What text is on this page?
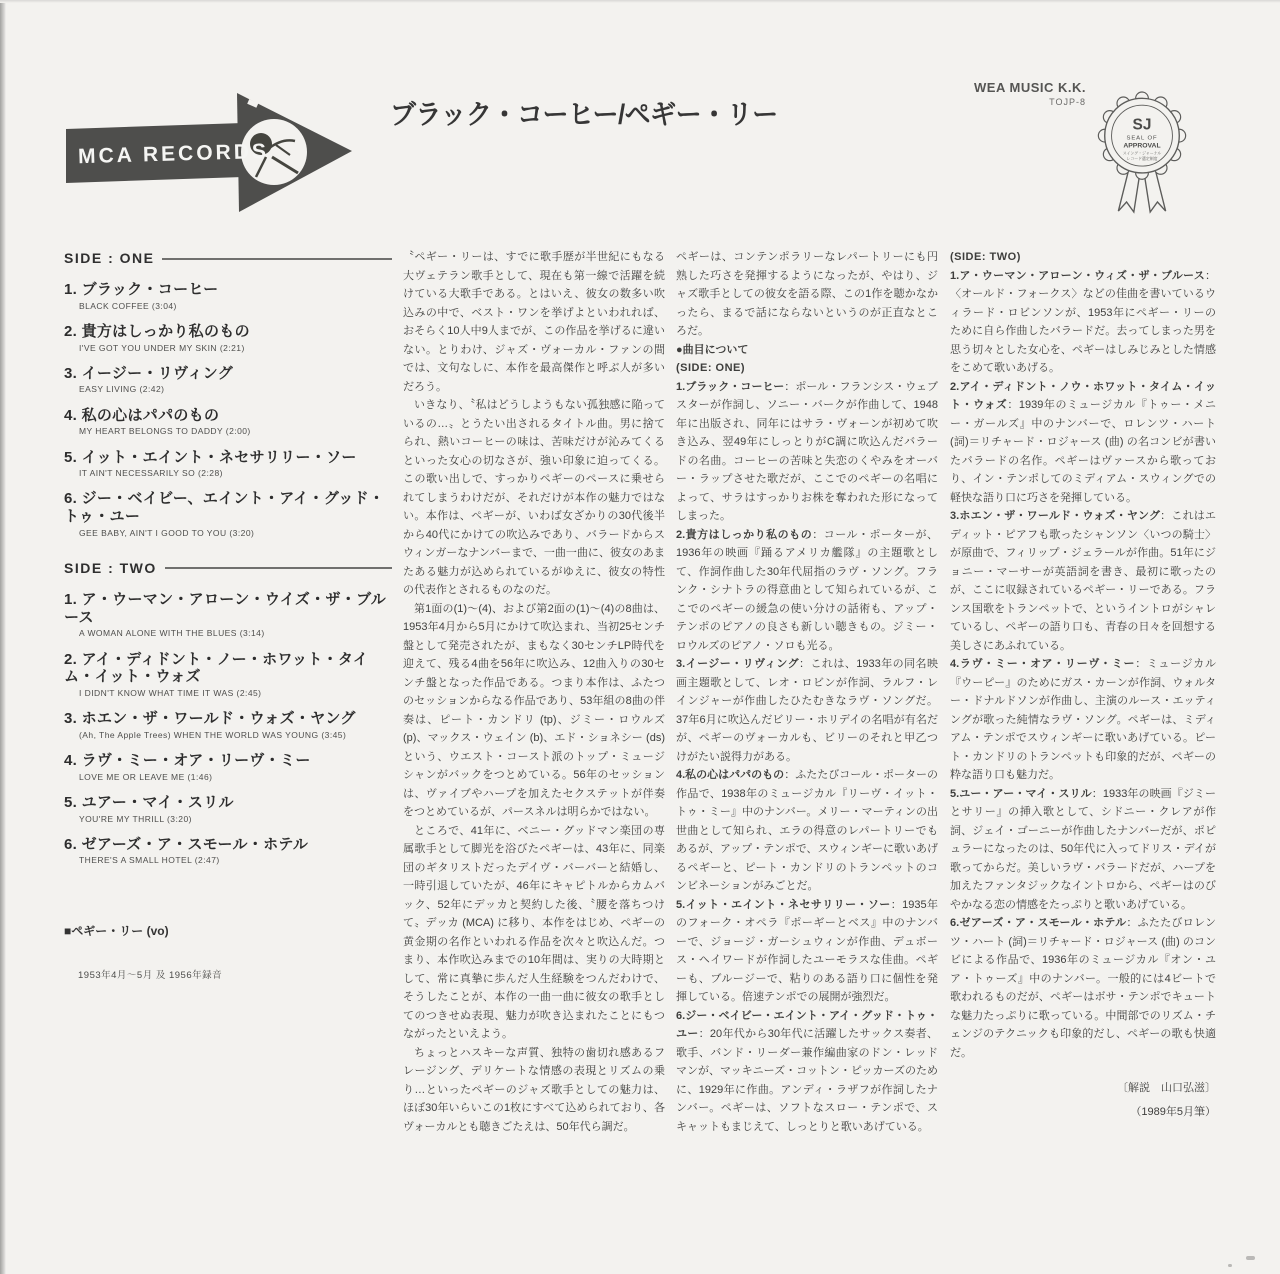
MCA RECORDS
ブラック・コーヒー/ペギー・リー
WEA MUSIC K.K.
TOJP-8
SJ
SEAL OF
APPROVAL
スイング・ジャーナル
レコード選定制度
SIDE : ONE
1. ブラック・コーヒー
BLACK COFFEE (3:04)
2. 貴方はしっかり私のもの
I'VE GOT YOU UNDER MY SKIN (2:21)
3. イージー・リヴィング
EASY LIVING (2:42)
4. 私の心はパパのもの
MY HEART BELONGS TO DADDY (2:00)
5. イット・エイント・ネセサリリー・ソー
IT AIN'T NECESSARILY SO (2:28)
6. ジー・ベイビー、エイント・アイ・グッド・トゥ・ユー
GEE BABY, AIN'T I GOOD TO YOU (3:20)
SIDE : TWO
1. ア・ウーマン・アローン・ウイズ・ザ・ブルース
A WOMAN ALONE WITH THE BLUES (3:14)
2. アイ・ディドント・ノー・ホワット・タイム・イット・ウォズ
I DIDN'T KNOW WHAT TIME IT WAS (2:45)
3. ホエン・ザ・ワールド・ウォズ・ヤング
(Ah, The Apple Trees) WHEN THE WORLD WAS YOUNG (3:45)
4. ラヴ・ミー・オア・リーヴ・ミー
LOVE ME OR LEAVE ME (1:46)
5. ユアー・マイ・スリル
YOU'RE MY THRILL (3:20)
6. ゼアーズ・ア・スモール・ホテル
THERE'S A SMALL HOTEL (2:47)
■ペギー・リー (vo)
1953年4月〜5月 及 1956年録音

〝ペギー・リーは、すでに歌手歴が半世紀にもなる大ヴェテラン歌手として、現在も第一線で活躍を続けている大歌手である。とはいえ、彼女の数多い吹込みの中で、ベスト・ワンを挙げよといわれれば、おそらく10人中9人までが、この作品を挙げるに違いない。とりわけ、ジャズ・ヴォーカル・ファンの間では、文句なしに、本作を最高傑作と呼ぶ人が多いだろう。

いきなり、〝私はどうしようもない孤独感に陥っているの…〟とうたい出されるタイトル曲。男に捨てられ、熱いコーヒーの味は、苦味だけが沁みてくるといった女心の切なさが、強い印象に迫ってくる。この歌い出しで、すっかりペギーのペースに乗せられてしまうわけだが、それだけが本作の魅力ではない。本作は、ペギーが、いわば女ざかりの30代後半から40代にかけての吹込みであり、バラードからスウィンガーなナンバーまで、一曲一曲に、彼女のあまたある魅力が込められているがゆえに、彼女の特性の代表作とされるものなのだ。

第1面の(1)〜(4)、および第2面の(1)〜(4)の8曲は、1953年4月から5月にかけて吹込まれ、当初25センチ盤として発売されたが、まもなく30センチLP時代を迎えて、残る4曲を56年に吹込み、12曲入りの30センチ盤となった作品である。つまり本作は、ふたつのセッションからなる作品であり、53年組の8曲の伴奏は、ピート・カンドリ (tp)、ジミー・ロウルズ (p)、マックス・ウェイン (b)、エド・ショネシー (ds) という、ウエスト・コースト派のトップ・ミュージシャンがバックをつとめている。56年のセッションは、ヴァイブやハープを加えたセクステットが伴奏をつとめているが、パースネルは明らかではない。

ところで、41年に、ベニー・グッドマン楽団の専属歌手として脚光を浴びたペギーは、43年に、同楽団のギタリストだったデイヴ・バーバーと結婚し、一時引退していたが、46年にキャピトルからカムバック、52年にデッカと契約した後、〝腰を落ちつけて〟デッカ (MCA) に移り、本作をはじめ、ペギーの黄金期の名作といわれる作品を次々と吹込んだ。つまり、本作吹込みまでの10年間は、実りの大時期として、常に真摯に歩んだ人生経験をつんだわけで、そうしたことが、本作の一曲一曲に彼女の歌手としてのつきせぬ表現、魅力が吹き込まれたことにもつながったといえよう。

ちょっとハスキーな声質、独特の歯切れ感あるフレージング、デリケートな情感の表現とリズムの乗り…といったペギーのジャズ歌手としての魅力は、ほぼ30年いらいこの1枚にすべて込められており、各ヴォーカルとも聴きごたえは、50年代ら調だ。

ペギーは、コンテンポラリーなレパートリーにも円熟した巧さを発揮するようになったが、やはり、ジャズ歌手としての彼女を語る際、この1作を聴かなかったら、まるで話にならないというのが正直なところだ。

●曲目について

(SIDE: ONE)

1.ブラック・コーヒー：ポール・フランシス・ウェブスターが作詞し、ソニー・バークが作曲して、1948年に出版され、同年にはサラ・ヴォーンが初めて吹き込み、翌49年にしっとりがC調に吹込んだバラードの名曲。コーヒーの苦味と失恋のくやみをオーバー・ラップさせた歌だが、ここでのペギーの名唱によって、サラはすっかりお株を奪われた形になってしまった。

2.貴方はしっかり私のもの：コール・ポーターが、1936年の映画『踊るアメリカ艦隊』の主題歌として、作詞作曲した30年代屈指のラヴ・ソング。フランク・シナトラの得意曲として知られているが、ここでのペギーの緩急の使い分けの話術も、アップ・テンポのピアノの良さも新しい聴きもの。ジミー・ロウルズのピアノ・ソロも光る。

3.イージー・リヴィング：これは、1933年の同名映画主題歌として、レオ・ロビンが作詞、ラルフ・レインジャーが作曲したひたむきなラヴ・ソングだ。37年6月に吹込んだビリー・ホリデイの名唱が有名だが、ペギーのヴォーカルも、ビリーのそれと甲乙つけがたい説得力がある。

4.私の心はパパのもの：ふたたびコール・ポーターの作品で、1938年のミュージカル『リーヴ・イット・トゥ・ミー』中のナンバー。メリー・マーティンの出世曲として知られ、エラの得意のレパートリーでもあるが、アップ・テンポで、スウィンギーに歌いあげるペギーと、ピート・カンドリのトランペットのコンビネーションがみごとだ。

5.イット・エイント・ネセサリリー・ソー：1935年のフォーク・オペラ『ポーギーとベス』中のナンバーで、ジョージ・ガーシュウィンが作曲、デュボース・ヘイワードが作詞したユーモラスな佳曲。ペギーも、ブルージーで、粘りのある語り口に個性を発揮している。倍速テンポでの展開が強烈だ。

6.ジー・ベイビー・エイント・アイ・グッド・トゥ・ユー：20年代から30年代に活躍したサックス奏者、歌手、バンド・リーダー兼作編曲家のドン・レッドマンが、マッキニーズ・コットン・ピッカーズのために、1929年に作曲。アンディ・ラザフが作詞したナンバー。ペギーは、ソフトなスロー・テンポで、スキャットもまじえて、しっとりと歌いあげている。

(SIDE: TWO)

1.ア・ウーマン・アローン・ウィズ・ザ・ブルース：〈オールド・フォークス〉などの佳曲を書いているウィラード・ロビンソンが、1953年にペギー・リーのために自ら作曲したバラードだ。去ってしまった男を思う切々とした女心を、ペギーはしみじみとした情感をこめて歌いあげる。

2.アイ・ディドント・ノウ・ホワット・タイム・イット・ウォズ：1939年のミュージカル『トゥー・メニー・ガールズ』中のナンバーで、ロレンツ・ハート (詞)＝リチャード・ロジャース (曲) の名コンビが書いたバラードの名作。ペギーはヴァースから歌っており、イン・テンポしてのミディアム・スウィングでの軽快な語り口に巧さを発揮している。

3.ホエン・ザ・ワールド・ウォズ・ヤング：これはエディット・ピアフも歌ったシャンソン〈いつの騎士〉が原曲で、フィリップ・ジェラールが作曲。51年にジョニー・マーサーが英語詞を書き、最初に歌ったのが、ここに収録されているペギー・リーである。フランス国歌をトランペットで、というイントロがシャレているし、ペギーの語り口も、青春の日々を回想する美しさにあふれている。

4.ラヴ・ミー・オア・リーヴ・ミー：ミュージカル『ウーピー』のためにガス・カーンが作詞、ウォルター・ドナルドソンが作曲し、主演のルース・エッティングが歌った純情なラヴ・ソング。ペギーは、ミディアム・テンポでスウィンギーに歌いあげている。ピート・カンドリのトランペットも印象的だが、ペギーの粋な語り口も魅力だ。

5.ユー・アー・マイ・スリル：1933年の映画『ジミーとサリー』の挿入歌として、シドニー・クレアが作詞、ジェイ・ゴーニーが作曲したナンバーだが、ポピュラーになったのは、50年代に入ってドリス・デイが歌ってからだ。美しいラヴ・バラードだが、ハープを加えたファンタジックなイントロから、ペギーはのびやかなる恋の情感をたっぷりと歌いあげている。

6.ゼアーズ・ア・スモール・ホテル：ふたたびロレンツ・ハート (詞)＝リチャード・ロジャース (曲) のコンビによる作品で、1936年のミュージカル『オン・ユア・トゥーズ』中のナンバー。一般的には4ビートで歌われるものだが、ペギーはボサ・テンポでキュートな魅力たっぷりに歌っている。中間部でのリズム・チェンジのテクニックも印象的だし、ペギーの歌も快適だ。

〔解説　山口弘滋〕
（1989年5月筆）
